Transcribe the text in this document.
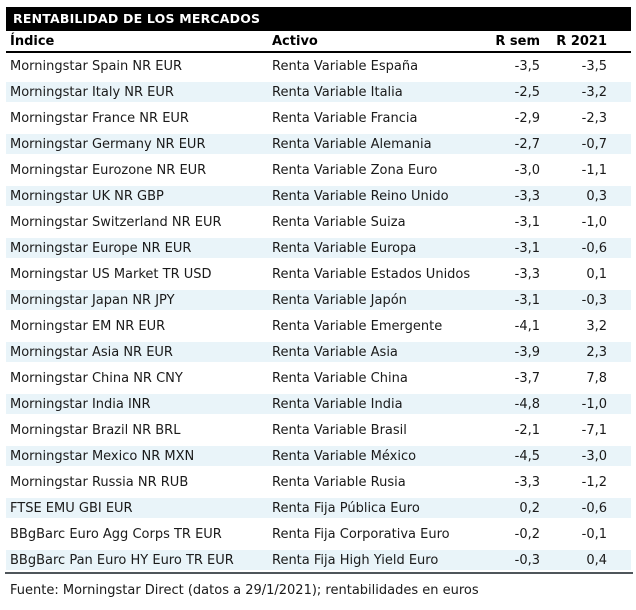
RENTABILIDAD DE LOS MERCADOS
Índice	Activo	R sem	R 2021
Morningstar Spain NR EUR	Renta Variable España	-3,5	-3,5
Morningstar Italy NR EUR	Renta Variable Italia	-2,5	-3,2
Morningstar France NR EUR	Renta Variable Francia	-2,9	-2,3
Morningstar Germany NR EUR	Renta Variable Alemania	-2,7	-0,7
Morningstar Eurozone NR EUR	Renta Variable Zona Euro	-3,0	-1,1
Morningstar UK NR GBP	Renta Variable Reino Unido	-3,3	0,3
Morningstar Switzerland NR EUR	Renta Variable Suiza	-3,1	-1,0
Morningstar Europe NR EUR	Renta Variable Europa	-3,1	-0,6
Morningstar US Market TR USD	Renta Variable Estados Unidos	-3,3	0,1
Morningstar Japan NR JPY	Renta Variable Japón	-3,1	-0,3
Morningstar EM NR EUR	Renta Variable Emergente	-4,1	3,2
Morningstar Asia NR EUR	Renta Variable Asia	-3,9	2,3
Morningstar China NR CNY	Renta Variable China	-3,7	7,8
Morningstar India INR	Renta Variable India	-4,8	-1,0
Morningstar Brazil NR BRL	Renta Variable Brasil	-2,1	-7,1
Morningstar Mexico NR MXN	Renta Variable México	-4,5	-3,0
Morningstar Russia NR RUB	Renta Variable Rusia	-3,3	-1,2
FTSE EMU GBI EUR	Renta Fija Pública Euro	0,2	-0,6
BBgBarc Euro Agg Corps TR EUR	Renta Fija Corporativa Euro	-0,2	-0,1
BBgBarc Pan Euro HY Euro TR EUR	Renta Fija High Yield Euro	-0,3	0,4
Fuente: Morningstar Direct (datos a 29/1/2021); rentabilidades en euros
